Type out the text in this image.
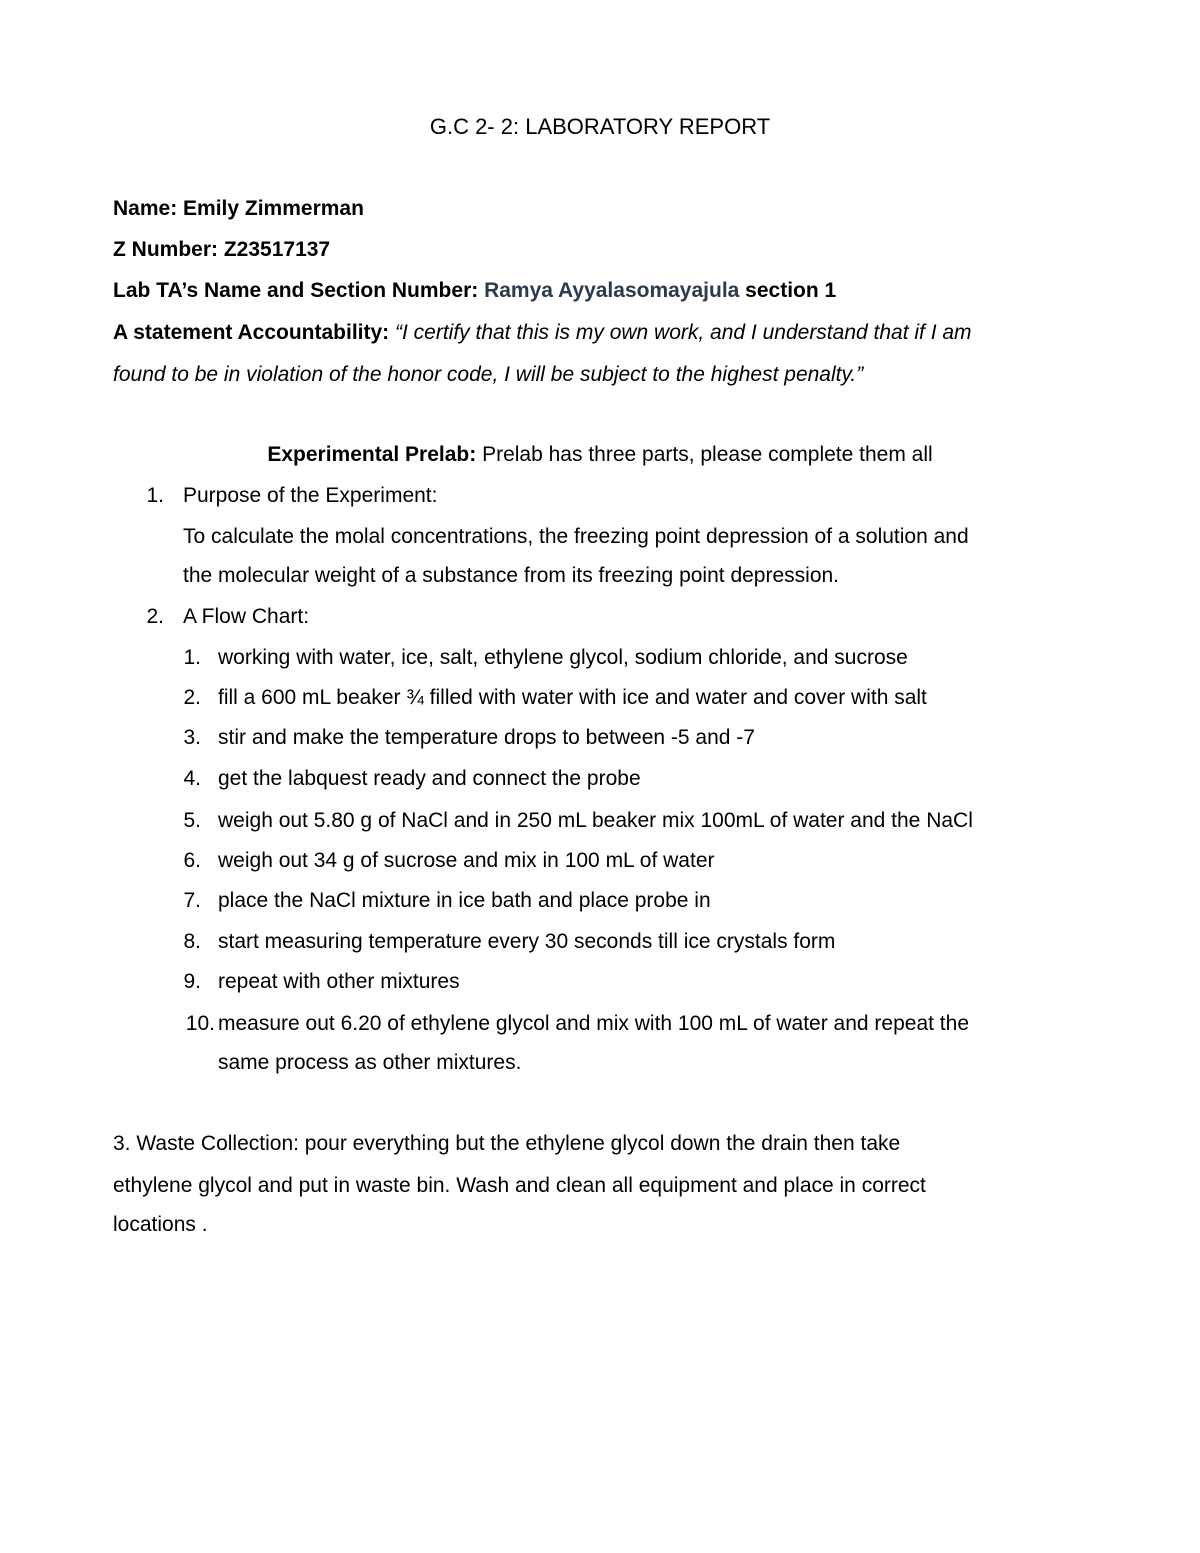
G.C 2- 2: LABORATORY REPORT
Name: Emily Zimmerman
Z Number: Z23517137
Lab TA’s Name and Section Number: Ramya Ayyalasomayajula section 1
A statement Accountability: “I certify that this is my own work, and I understand that if I am
found to be in violation of the honor code, I will be subject to the highest penalty.”
Experimental Prelab: Prelab has three parts, please complete them all
1. Purpose of the Experiment:
To calculate the molal concentrations, the freezing point depression of a solution and
the molecular weight of a substance from its freezing point depression.
2. A Flow Chart:
1. working with water, ice, salt, ethylene glycol, sodium chloride, and sucrose
2. fill a 600 mL beaker ¾ filled with water with ice and water and cover with salt
3. stir and make the temperature drops to between -5 and -7
4. get the labquest ready and connect the probe
5. weigh out 5.80 g of NaCl and in 250 mL beaker mix 100mL of water and the NaCl
6. weigh out 34 g of sucrose and mix in 100 mL of water
7. place the NaCl mixture in ice bath and place probe in
8. start measuring temperature every 30 seconds till ice crystals form
9. repeat with other mixtures
10. measure out 6.20 of ethylene glycol and mix with 100 mL of water and repeat the
same process as other mixtures.
3. Waste Collection: pour everything but the ethylene glycol down the drain then take
ethylene glycol and put in waste bin. Wash and clean all equipment and place in correct
locations .
